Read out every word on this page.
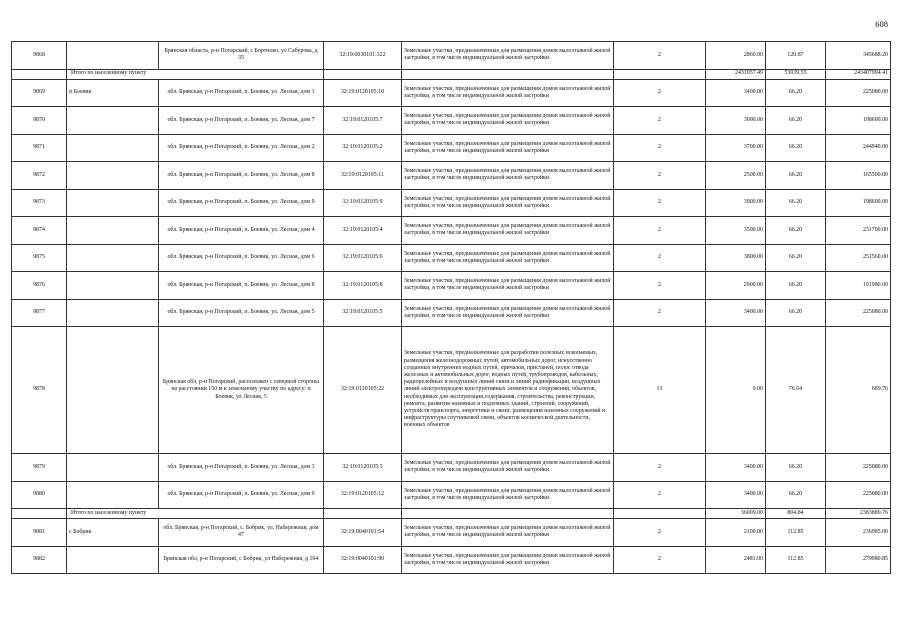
608
9868		Брянская область, р-н Погарский, с Бортново, ул Сабурова, д 35	32:19:0030101:322	Земельные участки, предназначенные для размещения домов малоэтажной жилой застройки, в том числе индивидуальной жилой застройки	2	2860.00	120.87	345688.20
	Итого по населенному пункту					2431957.49	53039.55	243407994.41
9869	п Боевик	обл. Брянская, р-н Погарский, п. Боевик, ул. Лесная, дом 1	32:19:0120105:10	Земельные участки, предназначенные для размещения домов малоэтажной жилой застройки, в том числе индивидуальной жилой застройки	2	3400.00	66.20	225080.00
9870		обл. Брянская, р-н Погарский, п. Боевик, ул. Лесная, дом 7	32:19:0120105:7	Земельные участки, предназначенные для размещения домов малоэтажной жилой застройки, в том числе индивидуальной жилой застройки	2	3000.00	66.20	198600.00
9871		обл. Брянская, р-н Погарский, п. Боевик, ул. Лесная, дом 2	32:19:0120105:2	Земельные участки, предназначенные для размещения домов малоэтажной жилой застройки, в том числе индивидуальной жилой застройки	2	3700.00	66.20	244940.00
9872		обл. Брянская, р-н Погарский, п. Боевик, ул. Лесная, дом 8	32:19:0120105:11	Земельные участки, предназначенные для размещения домов малоэтажной жилой застройки, в том числе индивидуальной жилой застройки	2	2500.00	66.20	165500.00
9873		обл. Брянская, р-н Погарский, п. Боевик, ул. Лесная, дом 9	32:19:0120105:9	Земельные участки, предназначенные для размещения домов малоэтажной жилой застройки, в том числе индивидуальной жилой застройки	2	3000.00	66.20	198600.00
9874		обл. Брянская, р-н Погарский, п. Боевик, ул. Лесная, дом 4	32:19:0120105:4	Земельные участки, предназначенные для размещения домов малоэтажной жилой застройки, в том числе индивидуальной жилой застройки	2	3500.00	66.20	231700.00
9875		обл. Брянская, р-н Погарский, п. Боевик, ул. Лесная, дом 6	32:19:0120105:6	Земельные участки, предназначенные для размещения домов малоэтажной жилой застройки, в том числе индивидуальной жилой застройки	2	3800.00	66.20	251560.00
9876		обл. Брянская, р-н Погарский, п. Боевик, ул. Лесная, дом 8	32:19:0120105:8	Земельные участки, предназначенные для размещения домов малоэтажной жилой застройки, в том числе индивидуальной жилой застройки	2	2900.00	66.20	191980.00
9877		обл. Брянская, р-н Погарский, п. Боевик, ул. Лесная, дом 5	32:19:0120105:5	Земельные участки, предназначенные для размещения домов малоэтажной жилой застройки, в том числе индивидуальной жилой застройки	2	3400.00	66.20	225080.00
9878		Брянская обл, р-н Погарский, расположен с северной стороны на расстоянии 150 м к земельному участку по адресу: п Боевик, ул Лесная, 5	32:19:0120105:22	Земельные участки, предназначенные для разработки полезных ископаемых, размещения железнодорожных путей, автомобильных дорог, искусственно созданных внутренних водных путей, причалов, пристаней, полос отвода железных и автомобильных дорог, водных путей, трубопроводов, кабельных, радиорелейных и воздушных линий связи и линий радиофикации, воздушных линий электропередачи конструктивных элементов и сооружений, объектов, необходимых для эксплуатации,содержания, строительства, реконструкции, ремонта, развития наземных и подземных зданий, строений, сооружений, устройств транспорта, энергетики и связи; размещения наземных сооружений и инфраструктуры спутниковой связи, объектов космической деятельности, военных объектов	13	9.00	76.64	689.76
9879		обл. Брянская, р-н Погарский, п. Боевик, ул. Лесная, дом 3	32:19:0120105:3	Земельные участки, предназначенные для размещения домов малоэтажной жилой застройки, в том числе индивидуальной жилой застройки	2	3400.00	66.20	225080.00
9880		обл. Брянская, р-н Погарский, п. Боевик, ул. Лесная, дом 9	32:19:0120105:12	Земельные участки, предназначенные для размещения домов малоэтажной жилой застройки, в том числе индивидуальной жилой застройки	2	3400.00	66.20	225080.00
	Итого по населенному пункту					36009.00	804.84	2383889.76
9881	с Бобрик	обл. Брянская, р-н Погарский, с. Бобрик, ул. Набережная, дом 47	32:19:0040101:54	Земельные участки, предназначенные для размещения домов малоэтажной жилой застройки, в том числе индивидуальной жилой застройки	2	2100.00	112.85	236985.00
9882		Брянская обл, р-н Погарский, с Бобрик, ул Набережная, д 104	32:19:0040101:90	Земельные участки, предназначенные для размещения домов малоэтажной жилой застройки, в том числе индивидуальной жилой застройки	2	2481.00	112.85	279980.85
